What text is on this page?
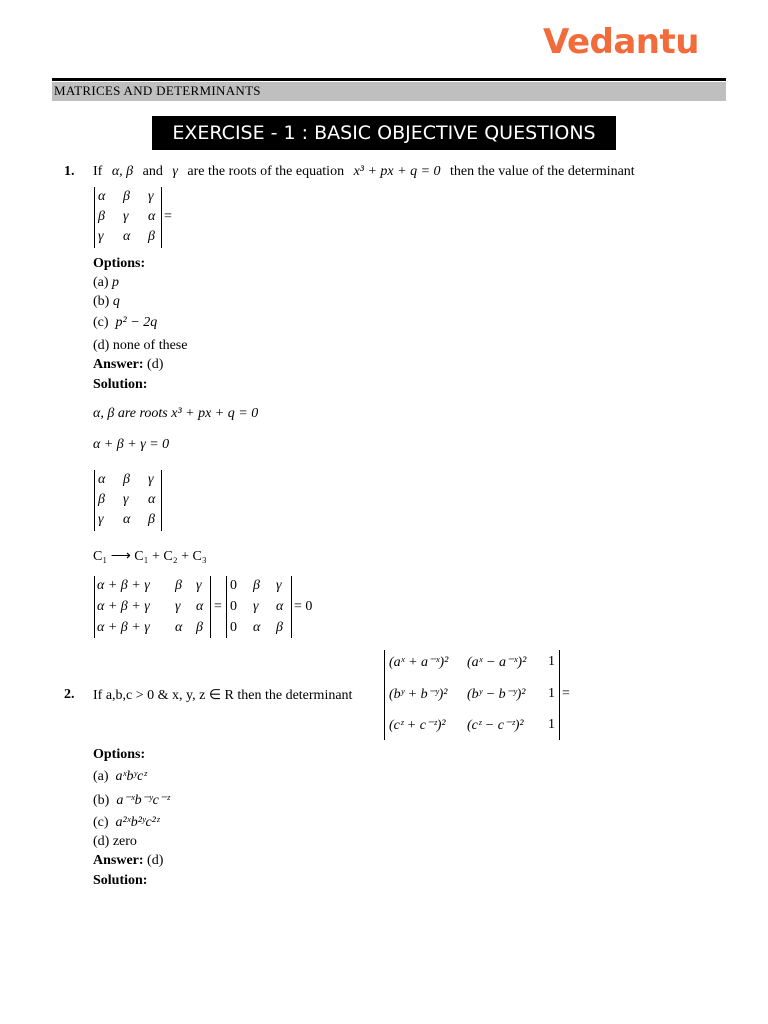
Vedantu
MATRICES AND DETERMINANTS
EXERCISE - 1 : BASIC OBJECTIVE QUESTIONS
1. If α, β and γ are the roots of the equation x³ + px + q = 0 then the value of the determinant
α β γ
β γ α
γ α β
=
Options:
(a) p
(b) q
(c) p² − 2q
(d) none of these
Answer: (d)
Solution:
α, β are roots x³ + px + q = 0
α + β + γ = 0
α β γ
β γ α
γ α β
C₁ ⟶ C₁ + C₂ + C₃
α + β + γ β γ
α + β + γ γ α
α + β + γ α β
=
0 β γ
0 γ α
0 α β
= 0
2. If a,b,c > 0 & x, y, z ∈ R then the determinant
(aˣ + a⁻ˣ)² (aˣ − a⁻ˣ)² 1
(bʸ + b⁻ʸ)² (bʸ − b⁻ʸ)² 1
(cᶻ + c⁻ᶻ)² (cᶻ − c⁻ᶻ)² 1
=
Options:
(a) aˣbʸcᶻ
(b) a⁻ˣb⁻ʸc⁻ᶻ
(c) a²ˣb²ʸc²ᶻ
(d) zero
Answer: (d)
Solution:
